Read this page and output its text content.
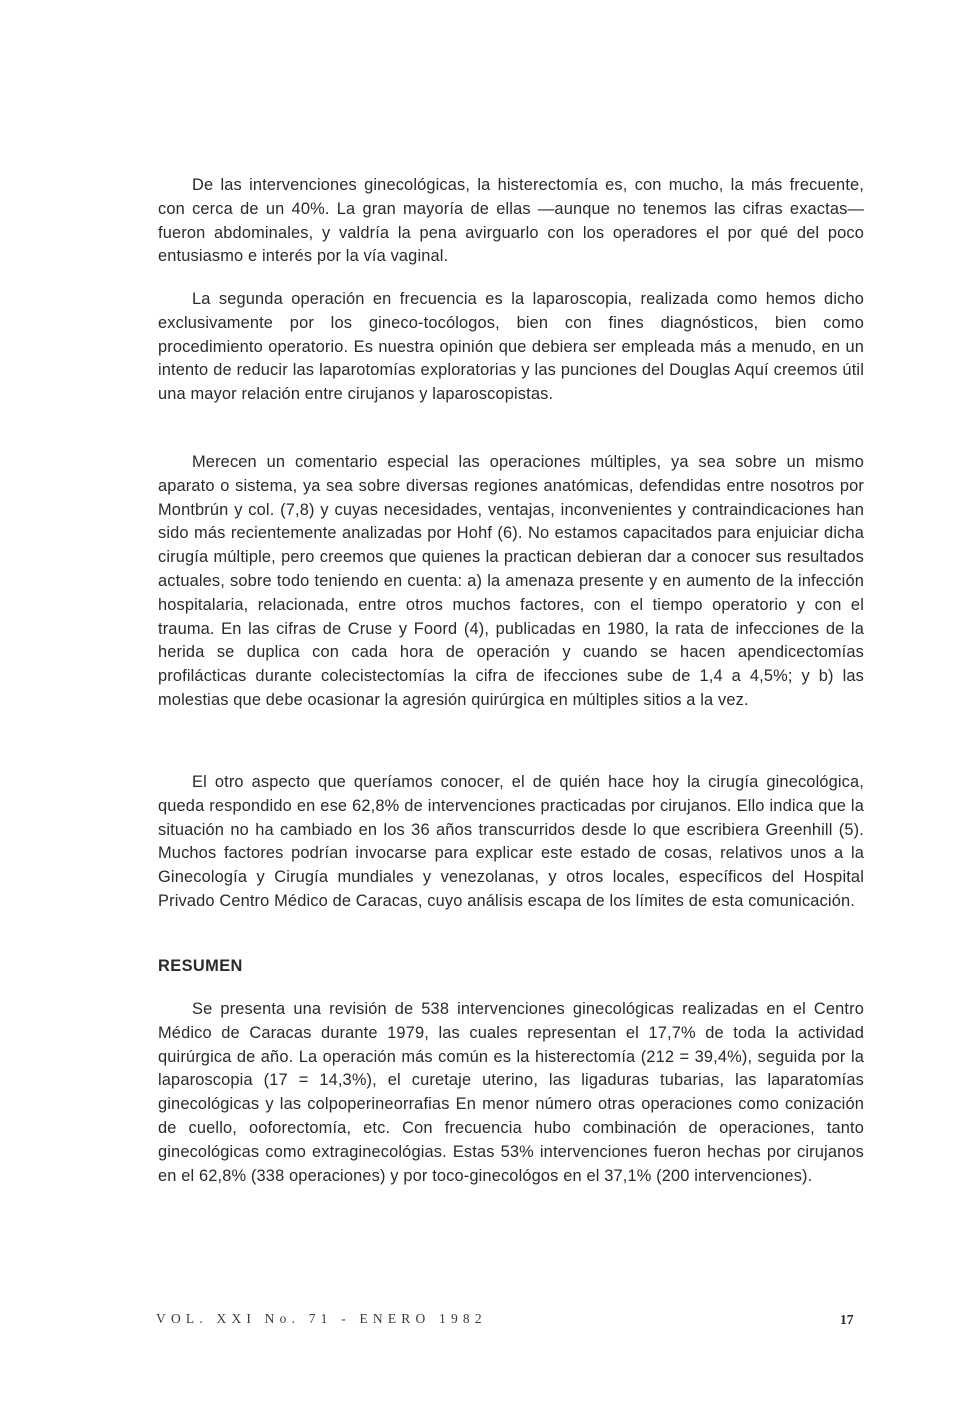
De las intervenciones ginecológicas, la histerectomía es, con mucho, la más frecuente, con cerca de un 40%. La gran mayoría de ellas —aunque no tenemos las cifras exactas— fueron abdominales, y valdría la pena avirguarlo con los operadores el por qué del poco entusiasmo e interés por la vía vaginal.

La segunda operación en frecuencia es la laparoscopia, realizada como hemos dicho exclusivamente por los gineco-tocólogos, bien con fines diagnósticos, bien como procedimiento operatorio. Es nuestra opinión que debiera ser empleada más a menudo, en un intento de reducir las laparotomías exploratorias y las punciones del Douglas Aquí creemos útil una mayor relación entre cirujanos y laparoscopistas.

Merecen un comentario especial las operaciones múltiples, ya sea sobre un mismo aparato o sistema, ya sea sobre diversas regiones anatómicas, defendidas entre nosotros por Montbrún y col. (7,8) y cuyas necesidades, ventajas, inconvenientes y contraindicaciones han sido más recientemente analizadas por Hohf (6). No estamos capacitados para enjuiciar dicha cirugía múltiple, pero creemos que quienes la practican debieran dar a conocer sus resultados actuales, sobre todo teniendo en cuenta: a) la amenaza presente y en aumento de la infección hospitalaria, relacionada, entre otros muchos factores, con el tiempo operatorio y con el trauma. En las cifras de Cruse y Foord (4), publicadas en 1980, la rata de infecciones de la herida se duplica con cada hora de operación y cuando se hacen apendicectomías profilácticas durante colecistectomías la cifra de ifecciones sube de 1,4 a 4,5%; y b) las molestias que debe ocasionar la agresión quirúrgica en múltiples sitios a la vez.

El otro aspecto que queríamos conocer, el de quién hace hoy la cirugía ginecológica, queda respondido en ese 62,8% de intervenciones practicadas por cirujanos. Ello indica que la situación no ha cambiado en los 36 años transcurridos desde lo que escribiera Greenhill (5). Muchos factores podrían invocarse para explicar este estado de cosas, relativos unos a la Ginecología y Cirugía mundiales y venezolanas, y otros locales, específicos del Hospital Privado Centro Médico de Caracas, cuyo análisis escapa de los límites de esta comunicación.

RESUMEN

Se presenta una revisión de 538 intervenciones ginecológicas realizadas en el Centro Médico de Caracas durante 1979, las cuales representan el 17,7% de toda la actividad quirúrgica de año. La operación más común es la histerectomía (212 = 39,4%), seguida por la laparoscopia (17 = 14,3%), el curetaje uterino, las ligaduras tubarias, las laparatomías ginecológicas y las colpoperineorrafias En menor número otras operaciones como conización de cuello, ooforectomía, etc. Con frecuencia hubo combinación de operaciones, tanto ginecológicas como extraginecológias. Estas 53% intervenciones fueron hechas por cirujanos en el 62,8% (338 operaciones) y por toco-ginecológos en el 37,1% (200 intervenciones).

VOL. XXI No. 71 - ENERO 1982	17
